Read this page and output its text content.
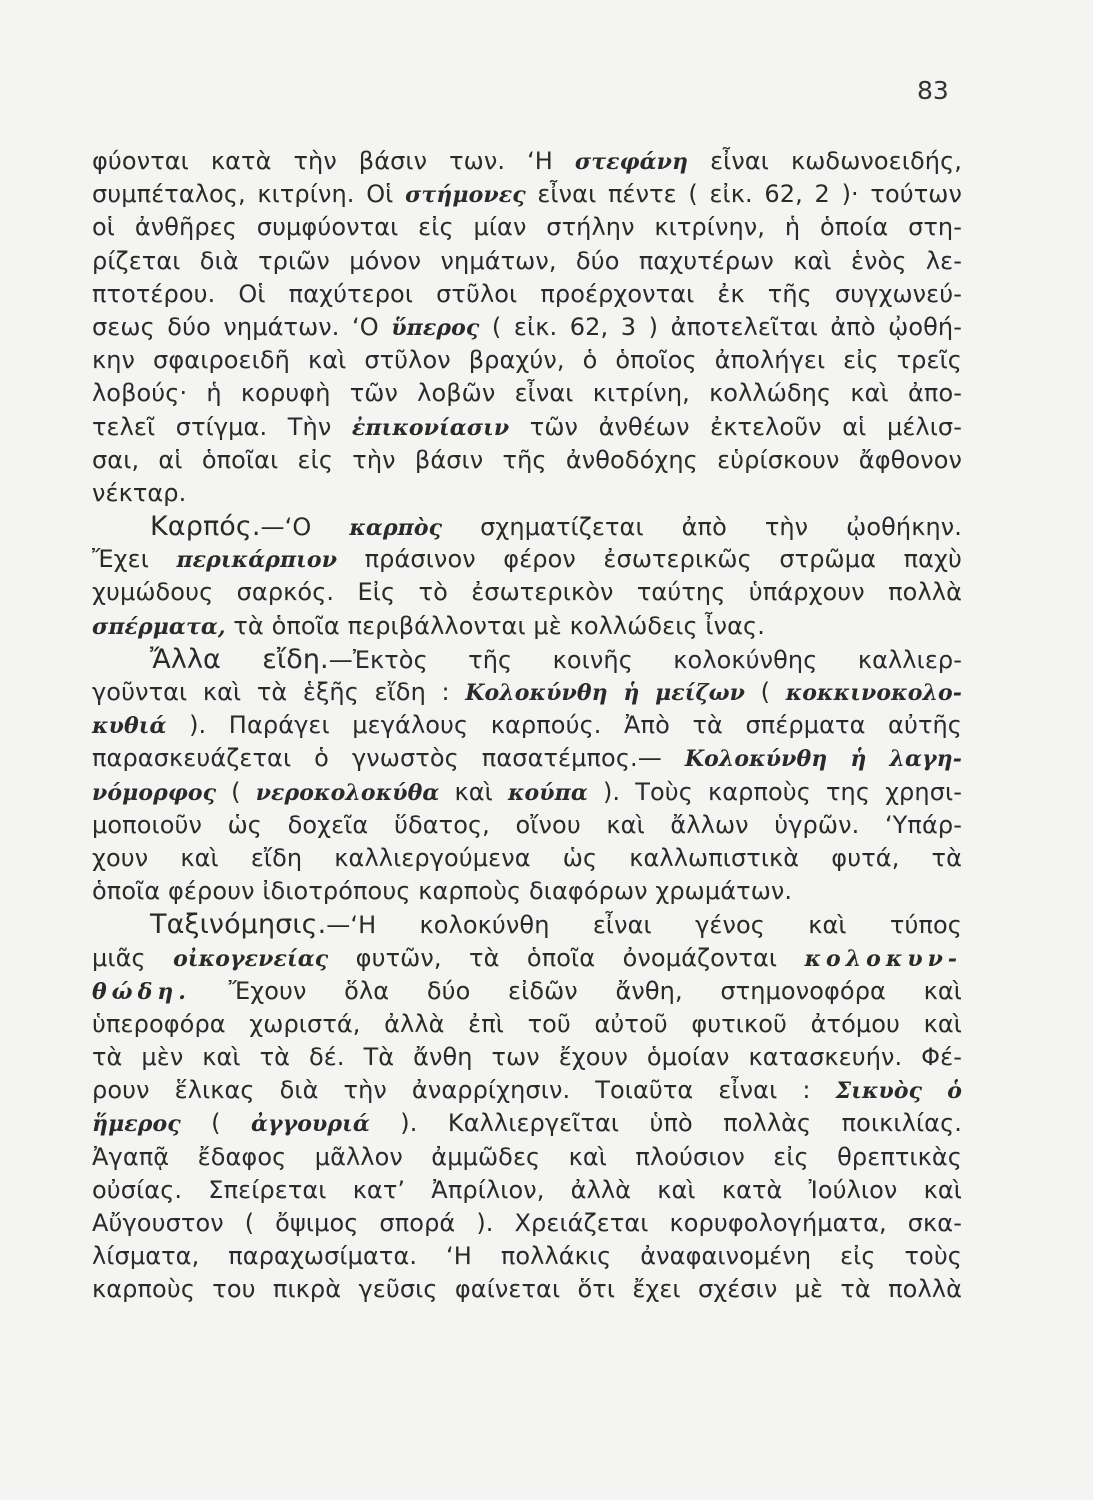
83
φύονται κατὰ τὴν βάσιν των. ‘Η στεφάνη εἶναι κωδωνοειδής,
συμπέταλος, κιτρίνη. Οἱ στήμονες εἶναι πέντε ( εἰκ. 62, 2 )· τούτων
οἱ ἀνθῆρες συμφύονται εἰς μίαν στήλην κιτρίνην, ἡ ὁποία στη-
ρίζεται διὰ τριῶν μόνον νημάτων, δύο παχυτέρων καὶ ἑνὸς λε-
πτοτέρου. Οἱ παχύτεροι στῦλοι προέρχονται ἐκ τῆς συγχωνεύ-
σεως δύο νημάτων. ‘Ο ὕπερος ( εἰκ. 62, 3 ) ἀποτελεῖται ἀπὸ ᾠοθή-
κην σφαιροειδῆ καὶ στῦλον βραχύν, ὁ ὁποῖος ἀπολήγει εἰς τρεῖς
λοβούς· ἡ κορυφὴ τῶν λοβῶν εἶναι κιτρίνη, κολλώδης καὶ ἀπο-
τελεῖ στίγμα. Τὴν ἐπικονίασιν τῶν ἀνθέων ἐκτελοῦν αἱ μέλισ-
σαι, αἱ ὁποῖαι εἰς τὴν βάσιν τῆς ἀνθοδόχης εὑρίσκουν ἄφθονον
νέκταρ.
Καρπός.—‘Ο καρπὸς σχηματίζεται ἀπὸ τὴν ᾠοθήκην.
Ἔχει περικάρπιον πράσινον φέρον ἐσωτερικῶς στρῶμα παχὺ
χυμώδους σαρκός. Εἰς τὸ ἐσωτερικὸν ταύτης ὑπάρχουν πολλὰ
σπέρματα, τὰ ὁποῖα περιβάλλονται μὲ κολλώδεις ἶνας.
Ἄλλα εἴδη.—Ἐκτὸς τῆς κοινῆς κολοκύνθης καλλιερ-
γοῦνται καὶ τὰ ἑξῆς εἴδη : Κολοκύνθη ἡ μείζων ( κοκκινοκολο-
κυθιά ). Παράγει μεγάλους καρπούς. Ἀπὸ τὰ σπέρματα αὐτῆς
παρασκευάζεται ὁ γνωστὸς πασατέμπος.— Κολοκύνθη ἡ λαγη-
νόμορφος ( νεροκολοκύθα καὶ κούπα ). Τοὺς καρποὺς της χρησι-
μοποιοῦν ὡς δοχεῖα ὕδατος, οἴνου καὶ ἄλλων ὑγρῶν. ‘Υπάρ-
χουν καὶ εἴδη καλλιεργούμενα ὡς καλλωπιστικὰ φυτά, τὰ
ὁποῖα φέρουν ἰδιοτρόπους καρποὺς διαφόρων χρωμάτων.
Ταξινόμησις.—‘Η κολοκύνθη εἶναι γένος καὶ τύπος
μιᾶς οἰκογενείας φυτῶν, τὰ ὁποῖα ὀνομάζονται κολοκυν-
θώδη. Ἔχουν ὅλα δύο εἰδῶν ἄνθη, στημονοφόρα καὶ
ὑπεροφόρα χωριστά, ἀλλὰ ἐπὶ τοῦ αὐτοῦ φυτικοῦ ἀτόμου καὶ
τὰ μὲν καὶ τὰ δέ. Τὰ ἄνθη των ἔχουν ὁμοίαν κατασκευήν. Φέ-
ρουν ἕλικας διὰ τὴν ἀναρρίχησιν. Τοιαῦτα εἶναι : Σικυὸς ὁ
ἥμερος ( ἀγγουριά ). Καλλιεργεῖται ὑπὸ πολλὰς ποικιλίας.
Ἀγαπᾷ ἔδαφος μᾶλλον ἀμμῶδες καὶ πλούσιον εἰς θρεπτικὰς
οὐσίας. Σπείρεται κατ’ Ἀπρίλιον, ἀλλὰ καὶ κατὰ Ἰούλιον καὶ
Αὔγουστον ( ὄψιμος σπορά ). Χρειάζεται κορυφολογήματα, σκα-
λίσματα, παραχωσίματα. ‘Η πολλάκις ἀναφαινομένη εἰς τοὺς
καρποὺς του πικρὰ γεῦσις φαίνεται ὅτι ἔχει σχέσιν μὲ τὰ πολλὰ
